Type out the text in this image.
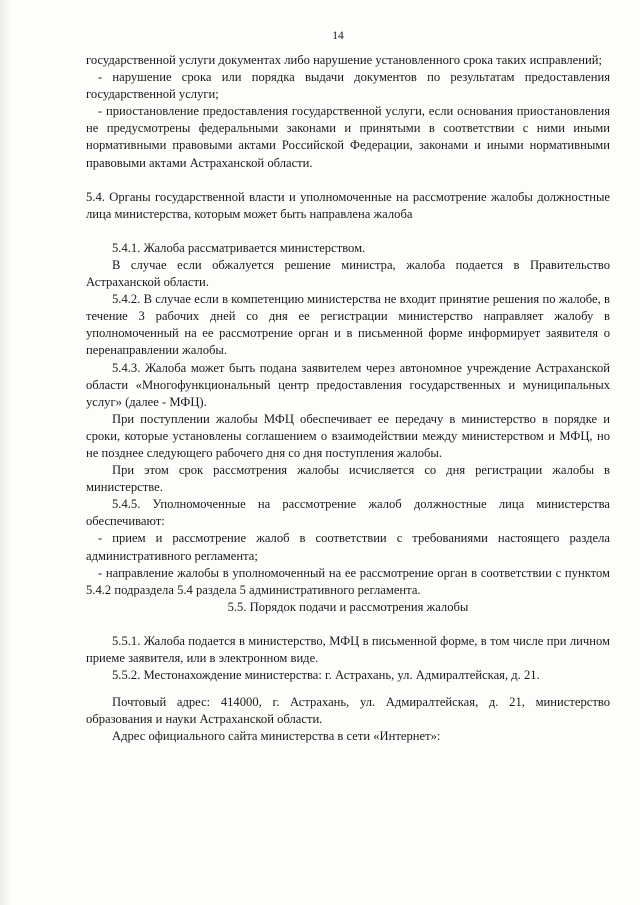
14

государственной услуги документах либо нарушение установленного срока таких исправлений;

- нарушение срока или порядка выдачи документов по результатам предоставления государственной услуги;

- приостановление предоставления государственной услуги, если основания приостановления не предусмотрены федеральными законами и принятыми в соответствии с ними иными нормативными правовыми актами Российской Федерации, законами и иными нормативными правовыми актами Астраханской области.

5.4. Органы государственной власти и уполномоченные на рассмотрение жалобы должностные лица министерства, которым может быть направлена жалоба

5.4.1. Жалоба рассматривается министерством.

В случае если обжалуется решение министра, жалоба подается в Правительство Астраханской области.

5.4.2. В случае если в компетенцию министерства не входит принятие решения по жалобе, в течение 3 рабочих дней со дня ее регистрации министерство направляет жалобу в уполномоченный на ее рассмотрение орган и в письменной форме информирует заявителя о перенаправлении жалобы.

5.4.3. Жалоба может быть подана заявителем через автономное учреждение Астраханской области «Многофункциональный центр предоставления государственных и муниципальных услуг» (далее - МФЦ).

При поступлении жалобы МФЦ обеспечивает ее передачу в министерство в порядке и сроки, которые установлены соглашением о взаимодействии между министерством и МФЦ, но не позднее следующего рабочего дня со дня поступления жалобы.

При этом срок рассмотрения жалобы исчисляется со дня регистрации жалобы в министерстве.

5.4.5. Уполномоченные на рассмотрение жалоб должностные лица министерства обеспечивают:

- прием и рассмотрение жалоб в соответствии с требованиями настоящего раздела административного регламента;

- направление жалобы в уполномоченный на ее рассмотрение орган в соответствии с пунктом 5.4.2 подраздела 5.4 раздела 5 административного регламента.

5.5. Порядок подачи и рассмотрения жалобы

5.5.1. Жалоба подается в министерство, МФЦ в письменной форме, в том числе при личном приеме заявителя, или в электронном виде.

5.5.2. Местонахождение министерства: г. Астрахань, ул. Адмиралтейская, д. 21.

Почтовый адрес: 414000, г. Астрахань, ул. Адмиралтейская, д. 21, министерство образования и науки Астраханской области.

Адрес официального сайта министерства в сети «Интернет»:
